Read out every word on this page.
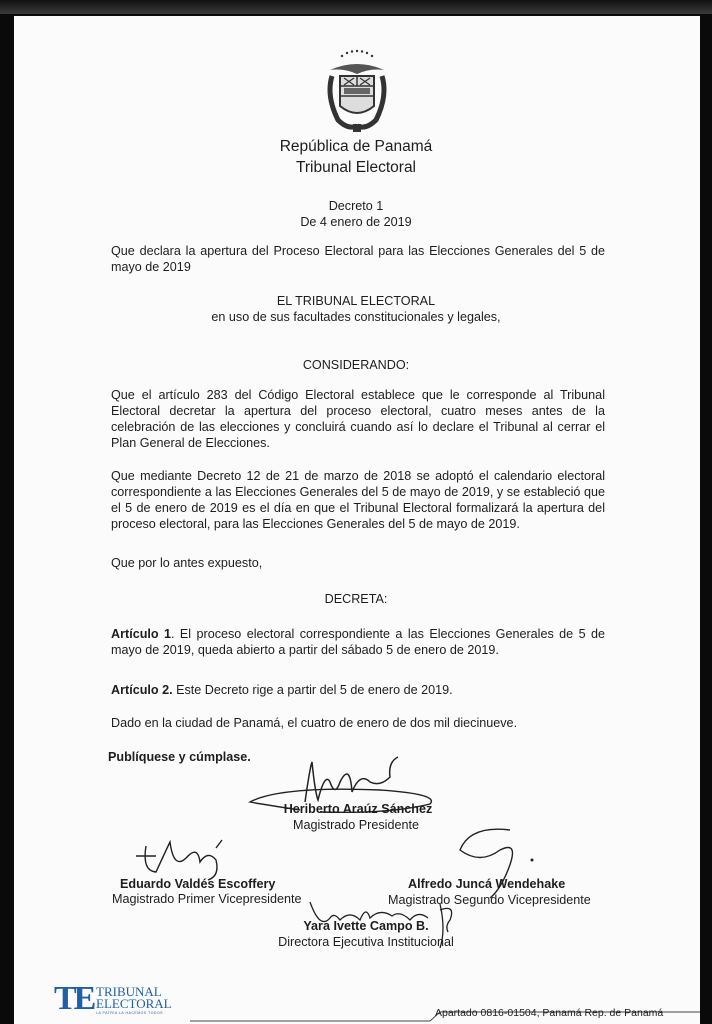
República de Panamá
Tribunal Electoral
Decreto 1
De 4 enero de 2019
Que declara la apertura del Proceso Electoral para las Elecciones Generales del 5 de mayo de 2019
EL TRIBUNAL ELECTORAL
en uso de sus facultades constitucionales y legales,
CONSIDERANDO:
Que el artículo 283 del Código Electoral establece que le corresponde al Tribunal Electoral decretar la apertura del proceso electoral, cuatro meses antes de la celebración de las elecciones y concluirá cuando así lo declare el Tribunal al cerrar el Plan General de Elecciones.
Que mediante Decreto 12 de 21 de marzo de 2018 se adoptó el calendario electoral correspondiente a las Elecciones Generales del 5 de mayo de 2019, y se estableció que el 5 de enero de 2019 es el día en que el Tribunal Electoral formalizará la apertura del proceso electoral, para las Elecciones Generales del 5 de mayo de 2019.
Que por lo antes expuesto,
DECRETA:
Artículo 1. El proceso electoral correspondiente a las Elecciones Generales de 5 de mayo de 2019, queda abierto a partir del sábado 5 de enero de 2019.
Artículo 2. Este Decreto rige a partir del 5 de enero de 2019.
Dado en la ciudad de Panamá, el cuatro de enero de dos mil diecinueve.
Publíquese y cúmplase.
Heriberto Araúz Sánchez
Magistrado Presidente
Eduardo Valdés Escoffery
Magistrado Primer Vicepresidente
Alfredo Juncá Wendehake
Magistrado Segundo Vicepresidente
Yara Ivette Campo B.
Directora Ejecutiva Institucional
TE TRIBUNAL
ELECTORAL
LA PATRIA LA HACEMOS TODOS	Apartado 0816-01504, Panamá Rep. de Panamá
